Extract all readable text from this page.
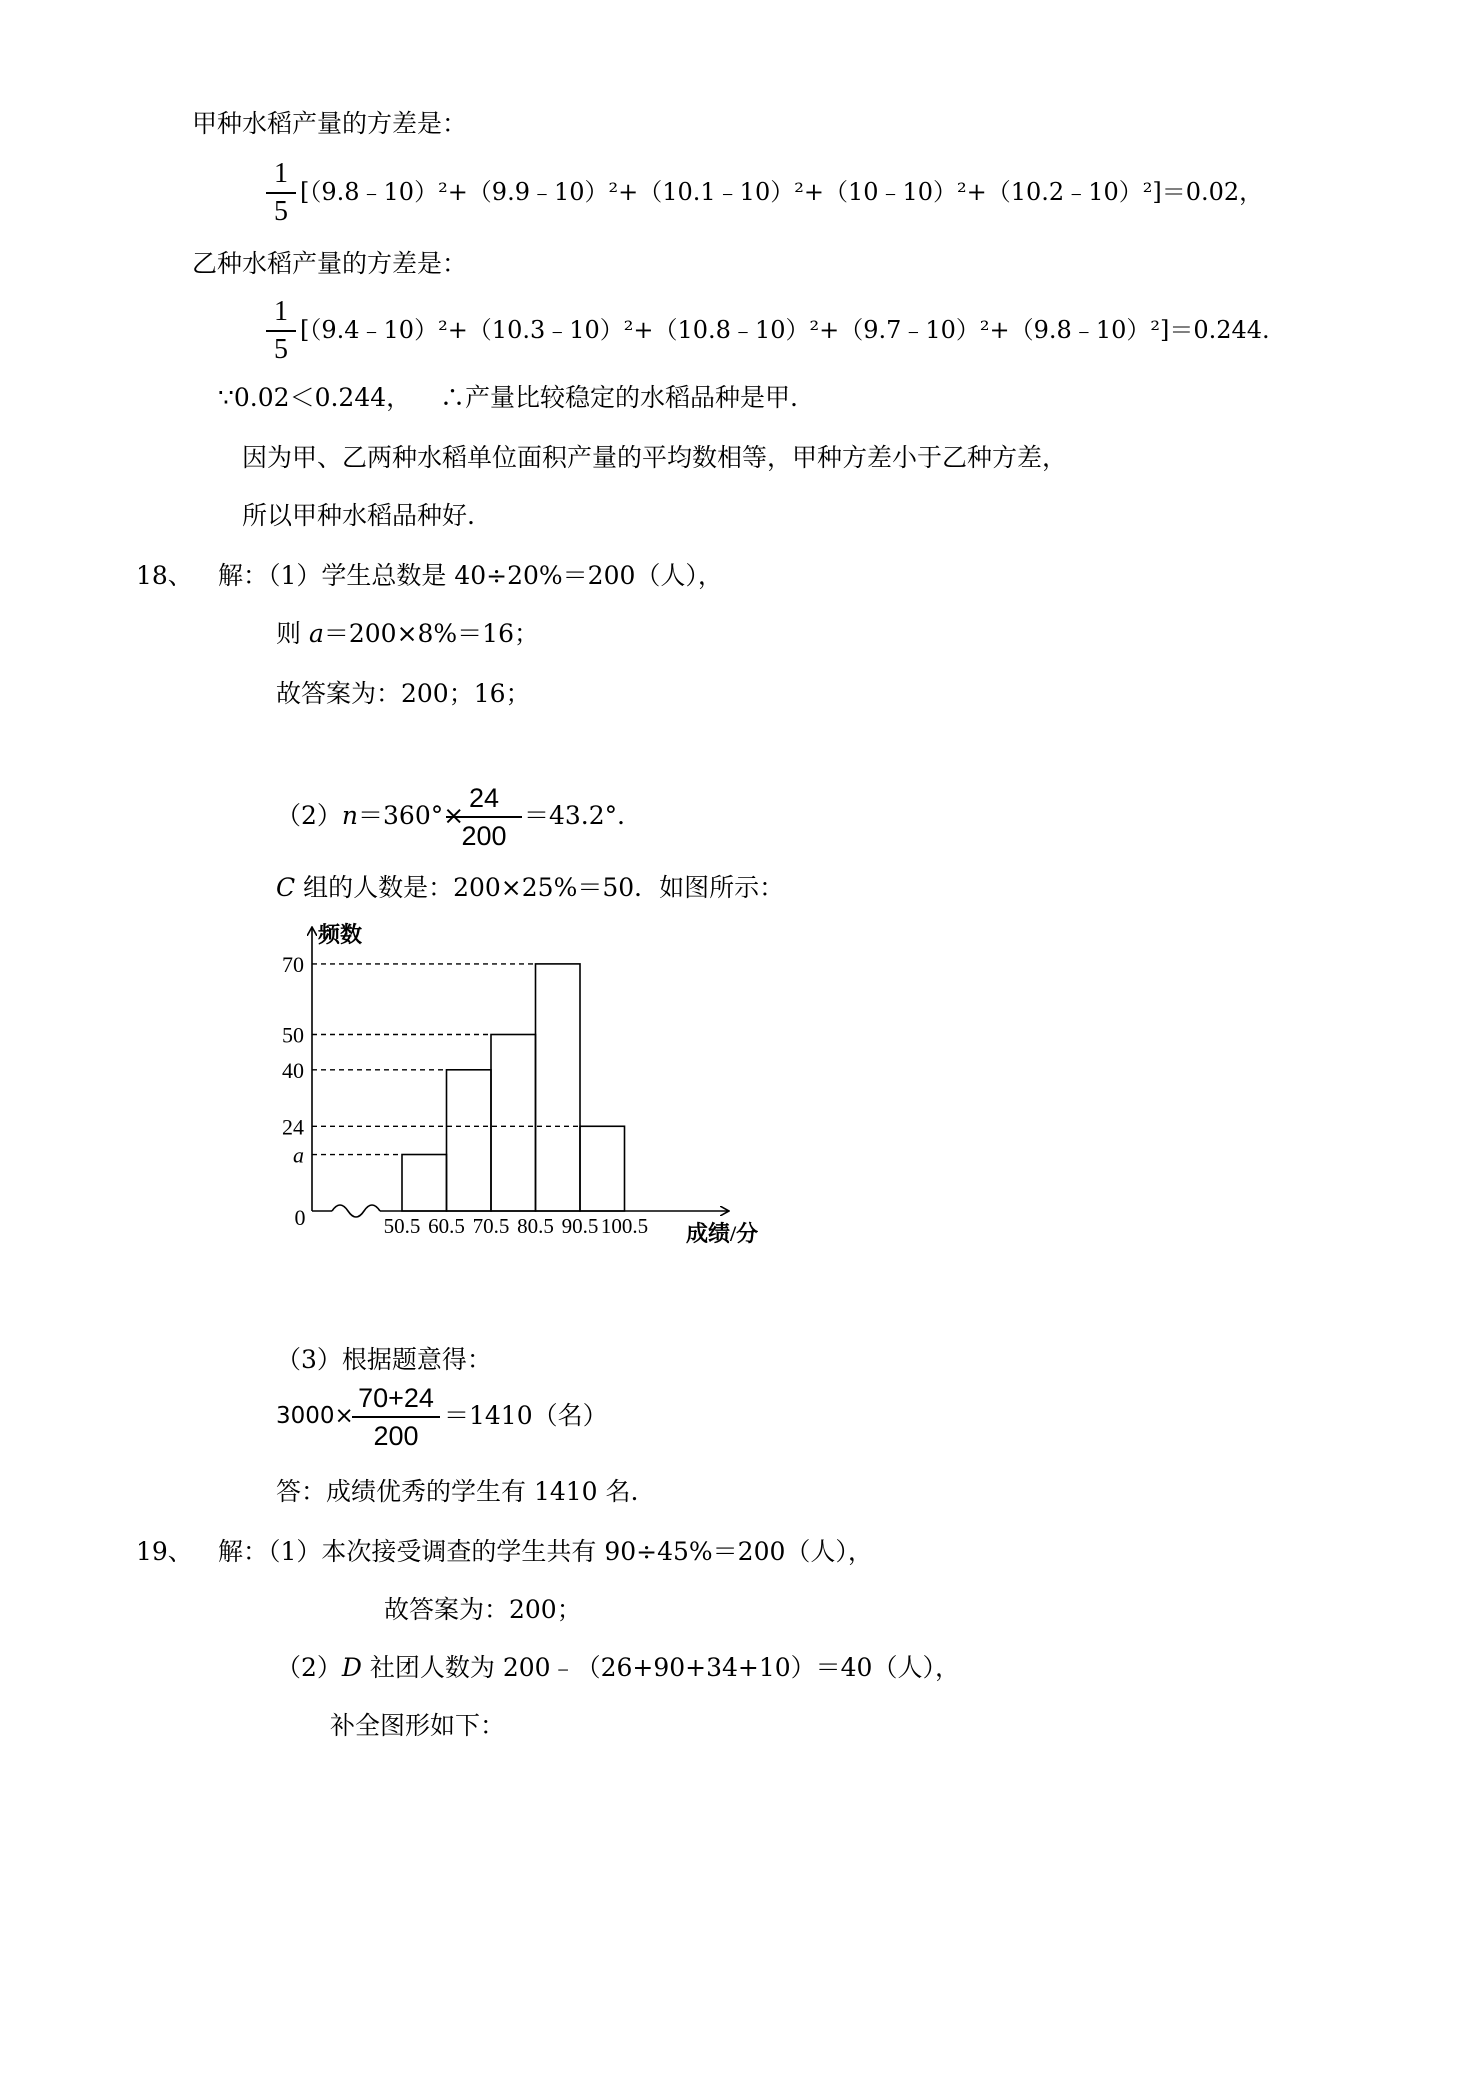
甲种水稻产量的方差是：
1
5
[（9.8﹣10）²+（9.9﹣10）²+（10.1﹣10）²+（10﹣10）²+（10.2﹣10）²]＝0.02，
乙种水稻产量的方差是：
1
5
[（9.4﹣10）²+（10.3﹣10）²+（10.8﹣10）²+（9.7﹣10）²+（9.8﹣10）²]＝0.244.
∵0.02＜0.244， ∴产量比较稳定的水稻品种是甲.
因为甲、乙两种水稻单位面积产量的平均数相等，甲种方差小于乙种方差，
所以甲种水稻品种好.
18、 解：（1）学生总数是 40÷20%＝200（人），
则 a＝200×8%＝16；
故答案为：200；16；
（2）n＝360°×
24
200
＝43.2°．
C 组的人数是：200×25%＝50．如图所示：
70
50
40
24
a
0	50.5 60.5 70.5 80.5 90.5 100.5
频数
成绩/分
（3）根据题意得：
3000×
70+24
200
＝1410（名）
答：成绩优秀的学生有 1410 名.
19、 解：（1）本次接受调查的学生共有 90÷45%＝200（人），
故答案为：200；
（2）D 社团人数为 200﹣（26+90+34+10）＝40（人），
补全图形如下：
